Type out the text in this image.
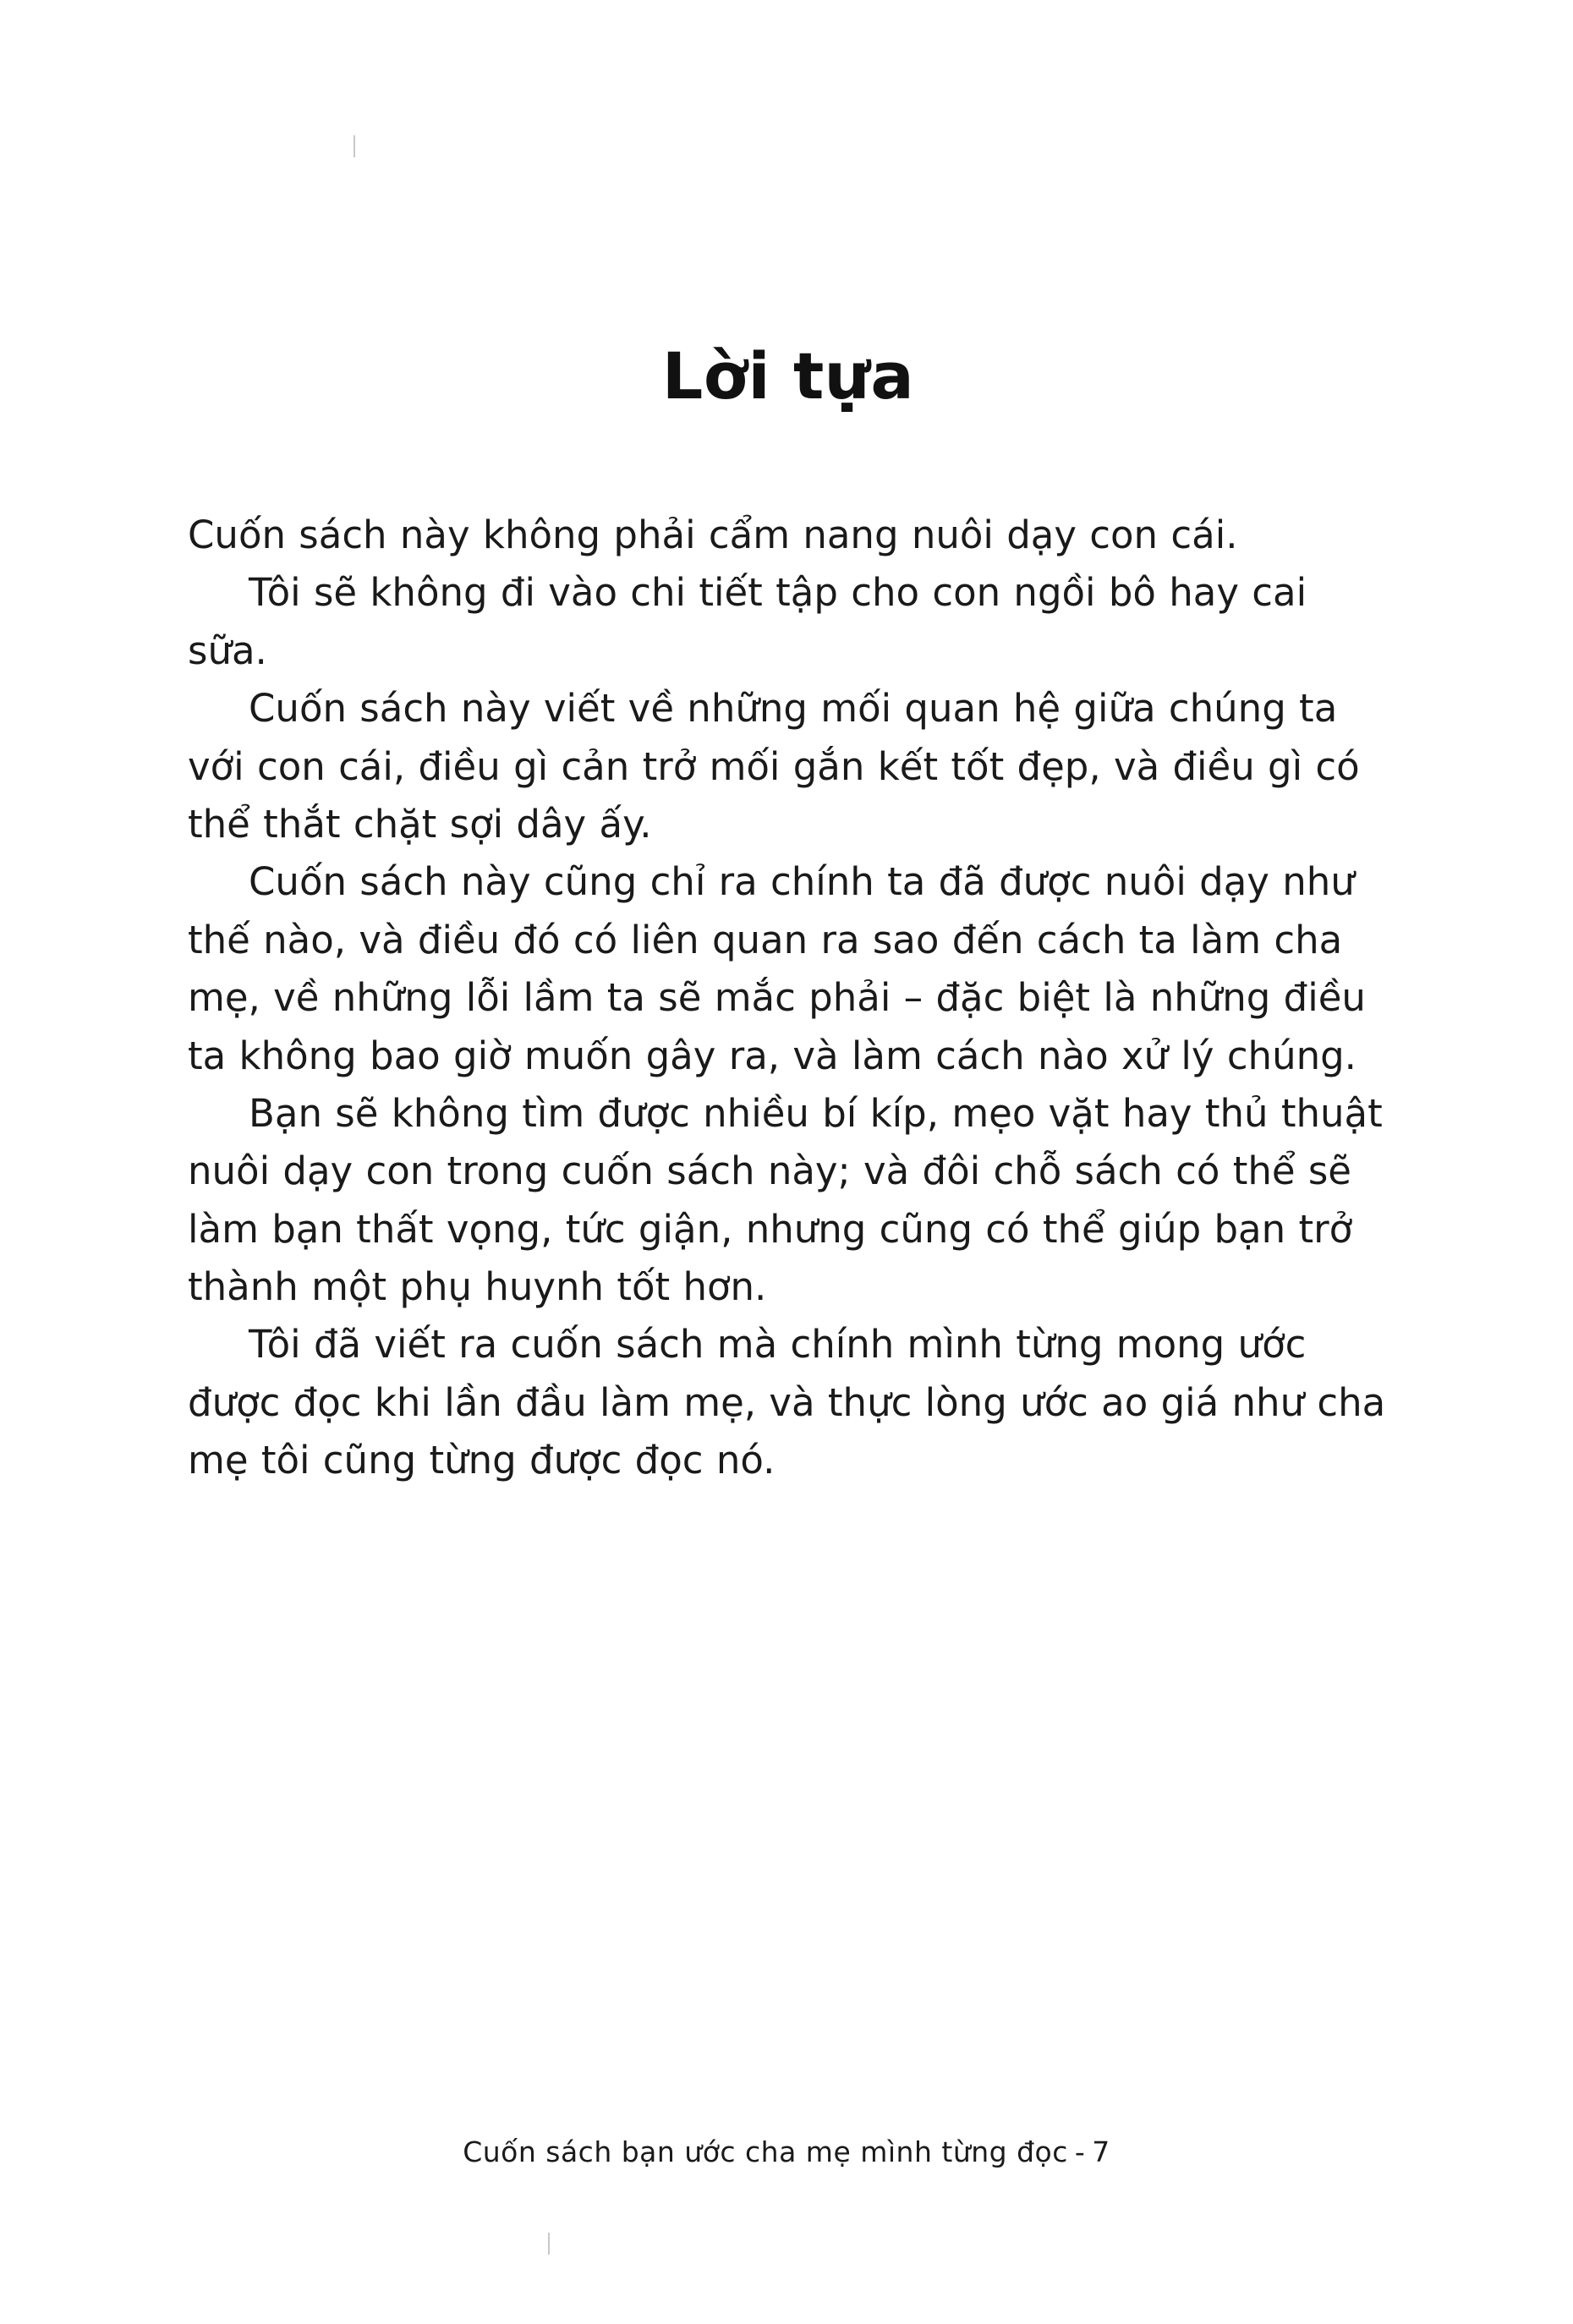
Lời tựa

Cuốn sách này không phải cẩm nang nuôi dạy con cái.

Tôi sẽ không đi vào chi tiết tập cho con ngồi bô hay cai sữa.

Cuốn sách này viết về những mối quan hệ giữa chúng ta với con cái, điều gì cản trở mối gắn kết tốt đẹp, và điều gì có thể thắt chặt sợi dây ấy.

Cuốn sách này cũng chỉ ra chính ta đã được nuôi dạy như thế nào, và điều đó có liên quan ra sao đến cách ta làm cha mẹ, về những lỗi lầm ta sẽ mắc phải – đặc biệt là những điều ta không bao giờ muốn gây ra, và làm cách nào xử lý chúng.

Bạn sẽ không tìm được nhiều bí kíp, mẹo vặt hay thủ thuật nuôi dạy con trong cuốn sách này; và đôi chỗ sách có thể sẽ làm bạn thất vọng, tức giận, nhưng cũng có thể giúp bạn trở thành một phụ huynh tốt hơn.

Tôi đã viết ra cuốn sách mà chính mình từng mong ước được đọc khi lần đầu làm mẹ, và thực lòng ước ao giá như cha mẹ tôi cũng từng được đọc nó.

Cuốn sách bạn ước cha mẹ mình từng đọc - 7
